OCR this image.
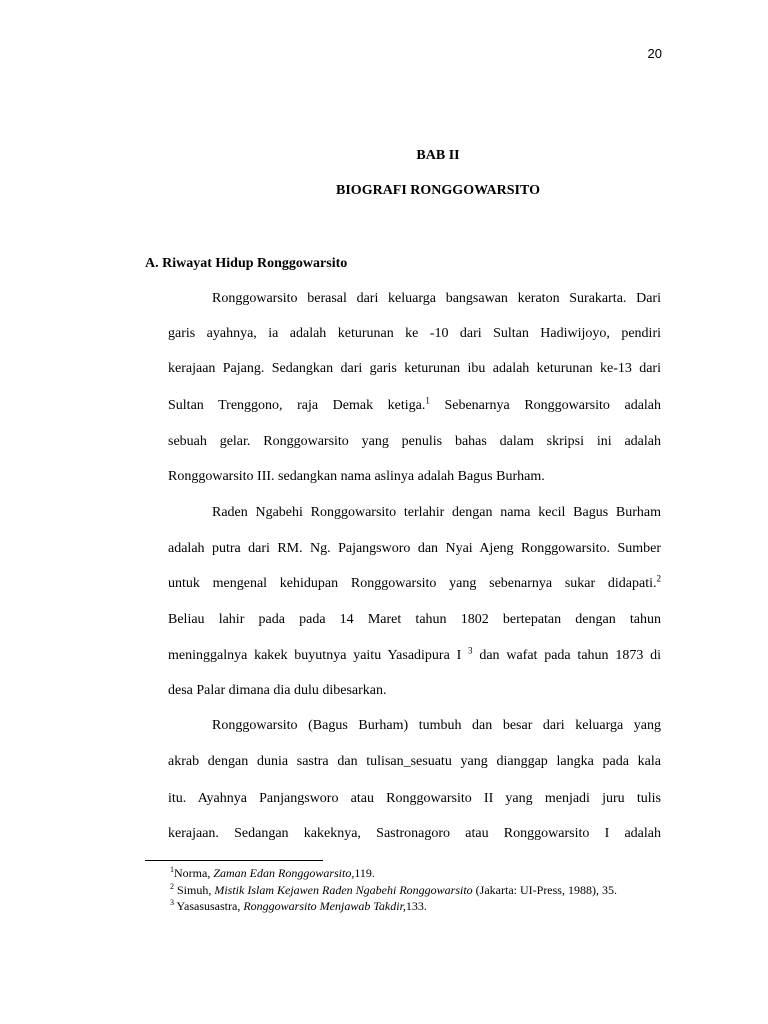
20
BAB II
BIOGRAFI RONGGOWARSITO
A. Riwayat Hidup Ronggowarsito
Ronggowarsito berasal dari keluarga bangsawan keraton Surakarta. Dari
garis ayahnya, ia adalah keturunan ke -10 dari Sultan Hadiwijoyo, pendiri
kerajaan Pajang. Sedangkan dari garis keturunan ibu adalah keturunan ke-13 dari
Sultan Trenggono, raja Demak ketiga.$^1$ Sebenarnya Ronggowarsito adalah
sebuah gelar. Ronggowarsito yang penulis bahas dalam skripsi ini adalah
Ronggowarsito III. sedangkan nama aslinya adalah Bagus Burham.
Raden Ngabehi Ronggowarsito terlahir dengan nama kecil Bagus Burham
adalah putra dari RM. Ng. Pajangsworo dan Nyai Ajeng Ronggowarsito. Sumber
untuk mengenal kehidupan Ronggowarsito yang sebenarnya sukar didapati.$^2$
Beliau lahir pada pada 14 Maret tahun 1802 bertepatan dengan tahun
meninggalnya kakek buyutnya yaitu Yasadipura I $^3$ dan wafat pada tahun 1873 di
desa Palar dimana dia dulu dibesarkan.
Ronggowarsito (Bagus Burham) tumbuh dan besar dari keluarga yang
akrab dengan dunia sastra dan tulisan_sesuatu yang dianggap langka pada kala
itu. Ayahnya Panjangsworo atau Ronggowarsito II yang menjadi juru tulis
kerajaan. Sedangan kakeknya, Sastronagoro atau Ronggowarsito I adalah
$^1$Norma, Zaman Edan Ronggowarsito,119.
$^2$ Simuh, Mistik Islam Kejawen Raden Ngabehi Ronggowarsito (Jakarta: UI-Press, 1988), 35.
$^3$ Yasasusastra, Ronggowarsito Menjawab Takdir,133.
